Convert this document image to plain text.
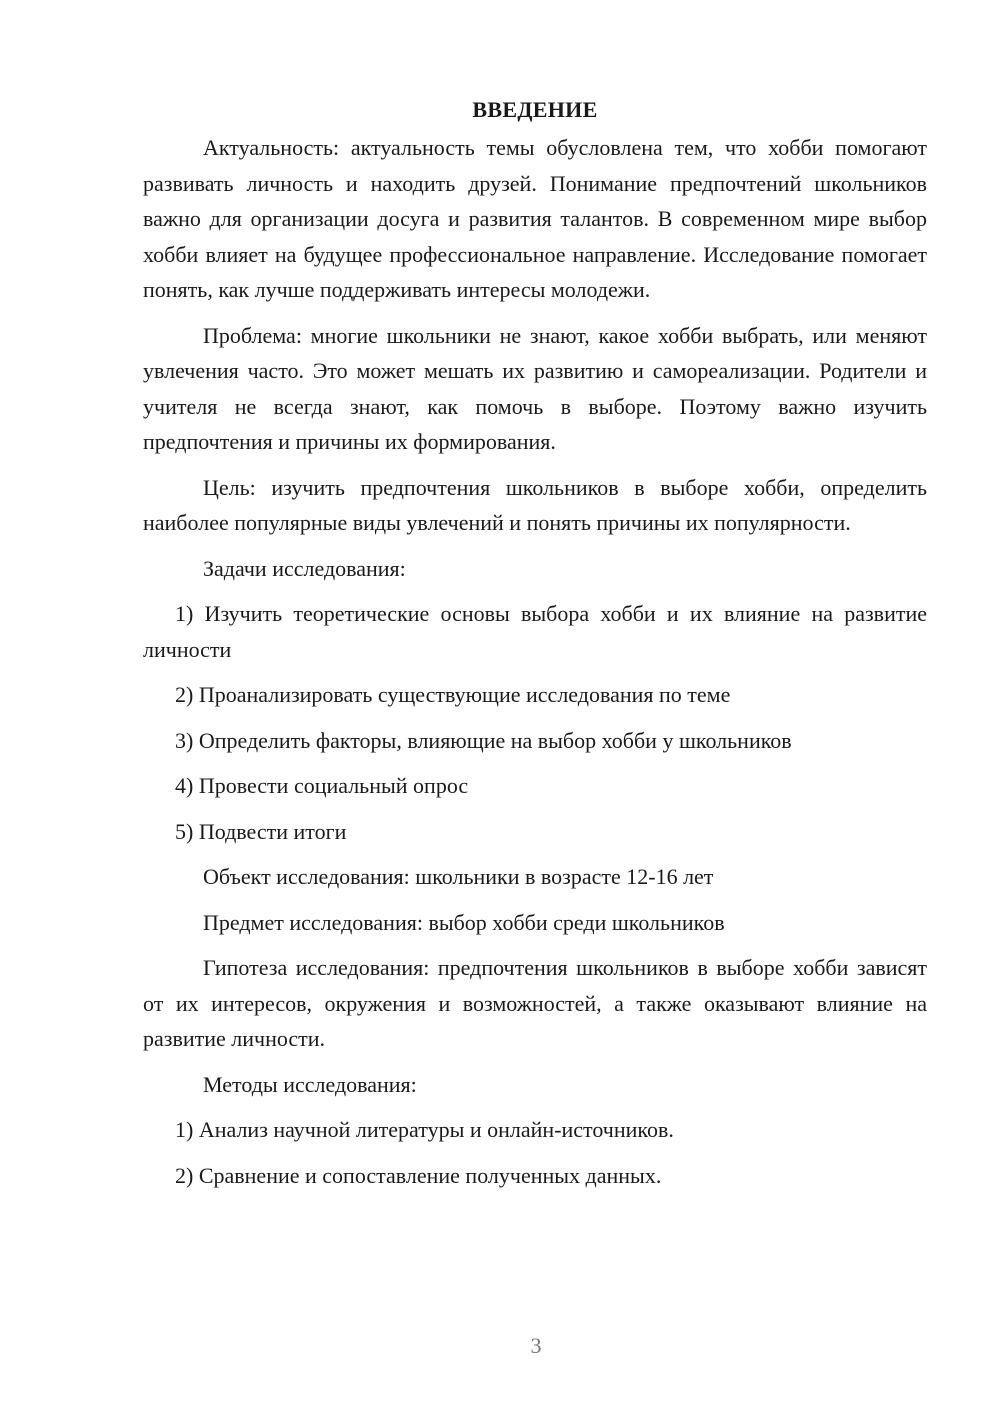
ВВЕДЕНИЕ

Актуальность: актуальность темы обусловлена тем, что хобби помогают развивать личность и находить друзей. Понимание предпочтений школьников важно для организации досуга и развития талантов. В современном мире выбор хобби влияет на будущее профессиональное направление. Исследование помогает понять, как лучше поддерживать интересы молодежи.

Проблема: многие школьники не знают, какое хобби выбрать, или меняют увлечения часто. Это может мешать их развитию и самореализации. Родители и учителя не всегда знают, как помочь в выборе. Поэтому важно изучить предпочтения и причины их формирования.

Цель: изучить предпочтения школьников в выборе хобби, определить наиболее популярные виды увлечений и понять причины их популярности.

Задачи исследования:

1) Изучить теоретические основы выбора хобби и их влияние на развитие личности

2) Проанализировать существующие исследования по теме
3) Определить факторы, влияющие на выбор хобби у школьников
4) Провести социальный опрос
5) Подвести итоги
Объект исследования: школьники в возрасте 12-16 лет
Предмет исследования: выбор хобби среди школьников

Гипотеза исследования: предпочтения школьников в выборе хобби зависят от их интересов, окружения и возможностей, а также оказывают влияние на развитие личности.

Методы исследования:
1) Анализ научной литературы и онлайн-источников.
2) Сравнение и сопоставление полученных данных.
3
